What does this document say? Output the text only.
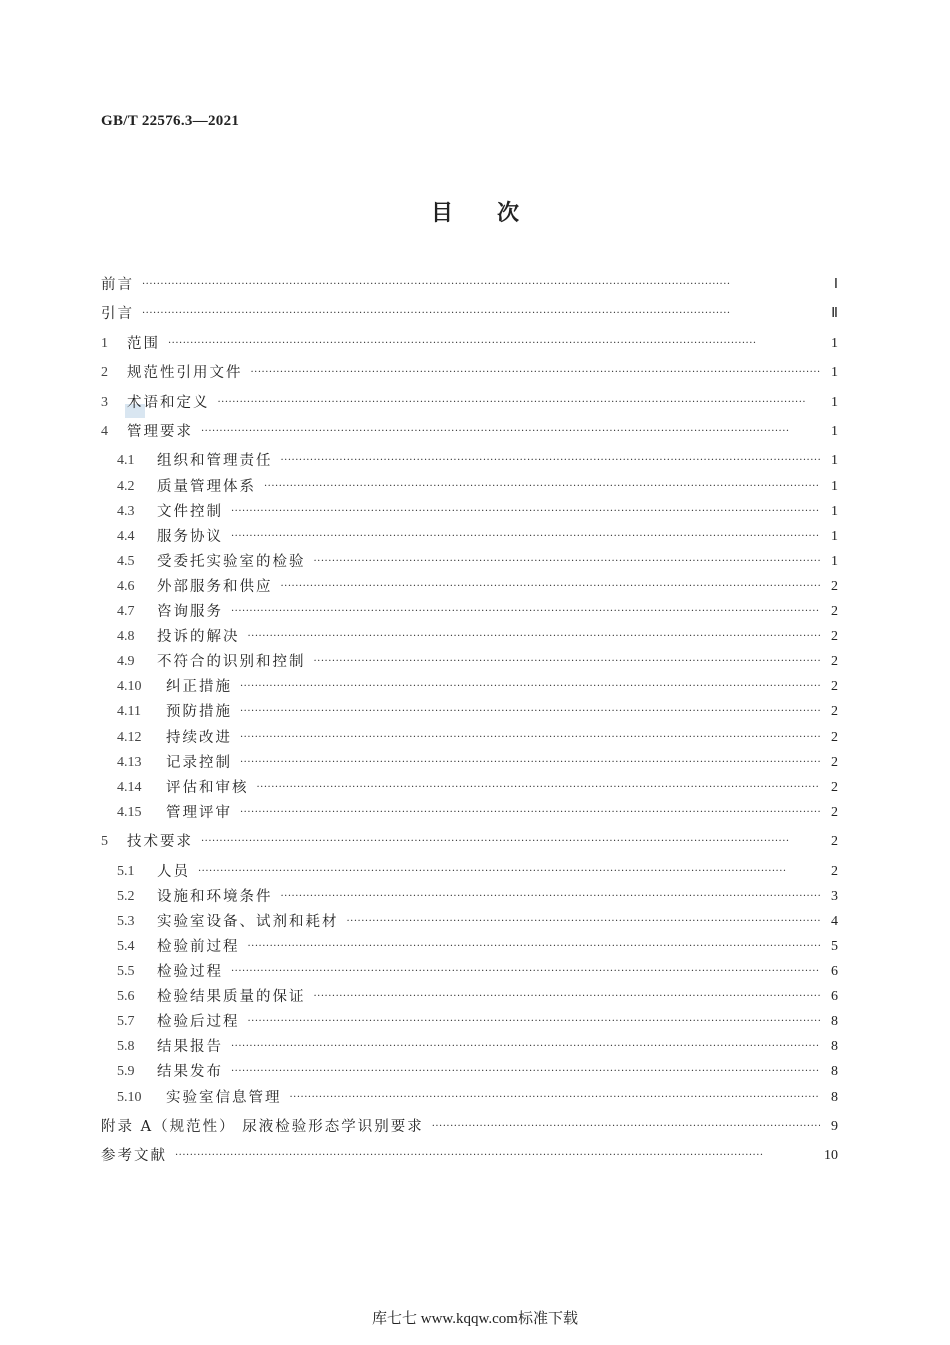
GB/T 22576.3—2021
目次
前言 ·····	Ⅰ
引言 ·····	Ⅱ
1	范围 ·····	1
2	规范性引用文件 ·····	1
3	术语和定义 ·····	1
4	管理要求 ·····	1
4.1	组织和管理责任 ·····	1
4.2	质量管理体系 ·····	1
4.3	文件控制 ·····	1
4.4	服务协议 ·····	1
4.5	受委托实验室的检验 ·····	1
4.6	外部服务和供应 ·····	2
4.7	咨询服务 ·····	2
4.8	投诉的解决 ·····	2
4.9	不符合的识别和控制 ·····	2
4.10	纠正措施 ·····	2
4.11	预防措施 ·····	2
4.12	持续改进 ·····	2
4.13	记录控制 ·····	2
4.14	评估和审核 ·····	2
4.15	管理评审 ·····	2
5	技术要求 ·····	2
5.1	人员 ·····	2
5.2	设施和环境条件 ·····	3
5.3	实验室设备、试剂和耗材 ·····	4
5.4	检验前过程 ·····	5
5.5	检验过程 ·····	6
5.6	检验结果质量的保证 ·····	6
5.7	检验后过程 ·····	8
5.8	结果报告 ·····	8
5.9	结果发布 ·····	8
5.10	实验室信息管理 ·····	8
附录 A（规范性） 尿液检验形态学识别要求 ·····	9
参考文献 ·····	10
库七七 www.kqqw.com标准下载
